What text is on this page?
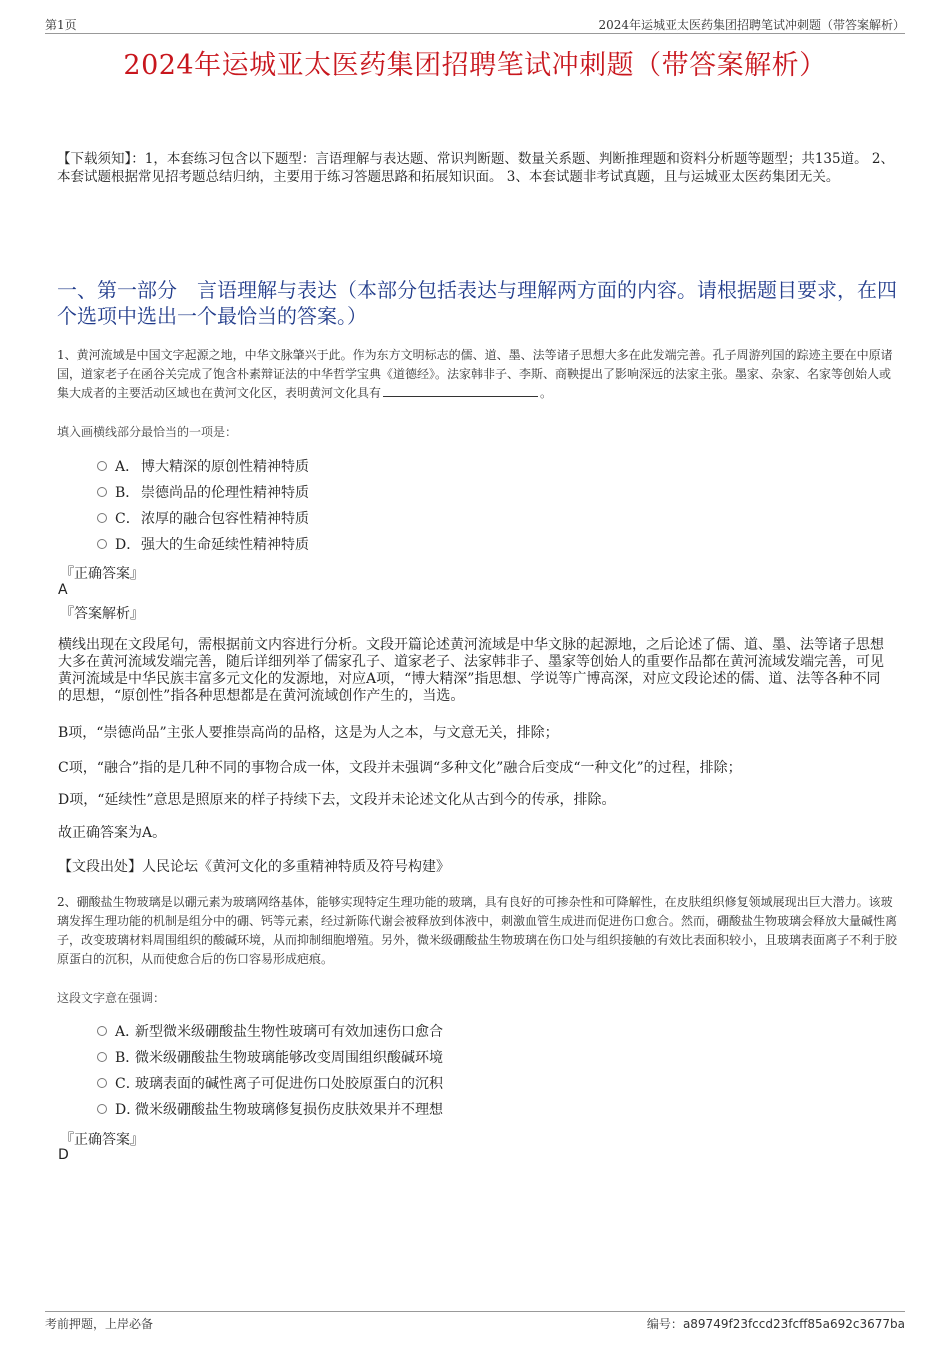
第1页	2024年运城亚太医药集团招聘笔试冲刺题（带答案解析）
2024年运城亚太医药集团招聘笔试冲刺题（带答案解析）
【下载须知】：1，本套练习包含以下题型：言语理解与表达题、常识判断题、数量关系题、判断推理题和资料分析题等题型；共135道。 2、本套试题根据常见招考题总结归纳，主要用于练习答题思路和拓展知识面。 3、本套试题非考试真题，且与运城亚太医药集团无关。
一、第一部分　言语理解与表达（本部分包括表达与理解两方面的内容。请根据题目要求，在四个选项中选出一个最恰当的答案。）
1、黄河流域是中国文字起源之地，中华文脉肇兴于此。作为东方文明标志的儒、道、墨、法等诸子思想大多在此发端完善。孔子周游列国的踪迹主要在中原诸国，道家老子在函谷关完成了饱含朴素辩证法的中华哲学宝典《道德经》。法家韩非子、李斯、商鞅提出了影响深远的法家主张。墨家、杂家、名家等创始人或集大成者的主要活动区域也在黄河文化区，表明黄河文化具有	。
填入画横线部分最恰当的一项是：
A． 博大精深的原创性精神特质
B． 崇德尚品的伦理性精神特质
C． 浓厚的融合包容性精神特质
D． 强大的生命延续性精神特质
『正确答案』
A
『答案解析』
横线出现在文段尾句，需根据前文内容进行分析。文段开篇论述黄河流域是中华文脉的起源地，之后论述了儒、道、墨、法等诸子思想大多在黄河流域发端完善，随后详细列举了儒家孔子、道家老子、法家韩非子、墨家等创始人的重要作品都在黄河流域发端完善，可见黄河流域是中华民族丰富多元文化的发源地，对应A项，“博大精深”指思想、学说等广博高深，对应文段论述的儒、道、法等各种不同的思想，“原创性”指各种思想都是在黄河流域创作产生的，当选。
B项，“崇德尚品”主张人要推崇高尚的品格，这是为人之本，与文意无关，排除；
C项，“融合”指的是几种不同的事物合成一体，文段并未强调“多种文化”融合后变成“一种文化”的过程，排除；
D项，“延续性”意思是照原来的样子持续下去，文段并未论述文化从古到今的传承，排除。
故正确答案为A。
【文段出处】人民论坛《黄河文化的多重精神特质及符号构建》
2、硼酸盐生物玻璃是以硼元素为玻璃网络基体，能够实现特定生理功能的玻璃，具有良好的可掺杂性和可降解性，在皮肤组织修复领域展现出巨大潜力。该玻璃发挥生理功能的机制是组分中的硼、钙等元素，经过新陈代谢会被释放到体液中，刺激血管生成进而促进伤口愈合。然而，硼酸盐生物玻璃会释放大量碱性离子，改变玻璃材料周围组织的酸碱环境，从而抑制细胞增殖。另外，微米级硼酸盐生物玻璃在伤口处与组织接触的有效比表面积较小，且玻璃表面离子不利于胶原蛋白的沉积，从而使愈合后的伤口容易形成疤痕。
这段文字意在强调：
A．
新型微米级硼酸盐生物性玻璃可有效加速伤口愈合
B．
微米级硼酸盐生物玻璃能够改变周围组织酸碱环境
C．
玻璃表面的碱性离子可促进伤口处胶原蛋白的沉积
D．
微米级硼酸盐生物玻璃修复损伤皮肤效果并不理想
『正确答案』
D
考前押题，上岸必备	编号：a89749f23fccd23fcff85a692c3677ba
